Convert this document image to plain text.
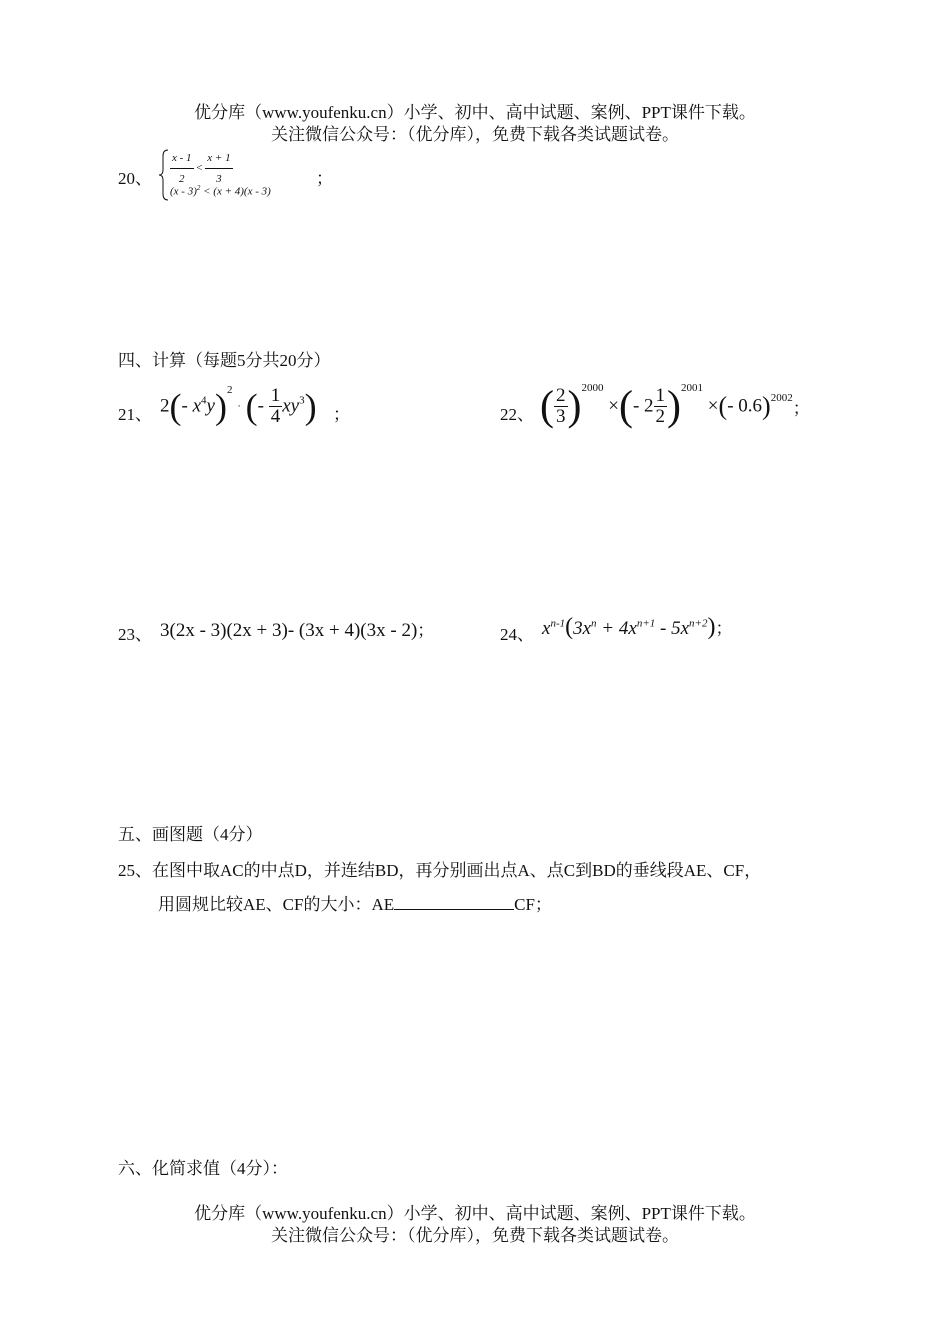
优分库（www.youfenku.cn）小学、初中、高中试题、案例、PPT课件下载。
关注微信公众号：（优分库），免费下载各类试题试卷。
20、 $\frac{x - 1}{2} < \frac{x + 1}{3}$
(x - 3)$^2$ < (x + 4)(x - 3)
；
四、计算（每题5分共20分）
21、 2(- $x^4y)^2$ · (- $\frac{1}{4} xy^3$) ；	22、 ( $\frac{2}{3} )^{2000}$ ×(- $2 \frac{1}{2} )^{2001}$ ×(- 0.6)$^{2002}$；
23、 3(2x - 3)(2x + 3)- (3x + 4)(3x - 2)；	24、 $x^{n-1}(3x^n + 4x^{n+1} - 5x^{n+2})$；
五、画图题（4分）
25、在图中取AC的中点D，并连结BD，再分别画出点A、点C到BD的垂线段AE、CF，
用圆规比较AE、CF的大小：AE	CF；
六、化简求值（4分）：
优分库（www.youfenku.cn）小学、初中、高中试题、案例、PPT课件下载。
关注微信公众号：（优分库），免费下载各类试题试卷。
